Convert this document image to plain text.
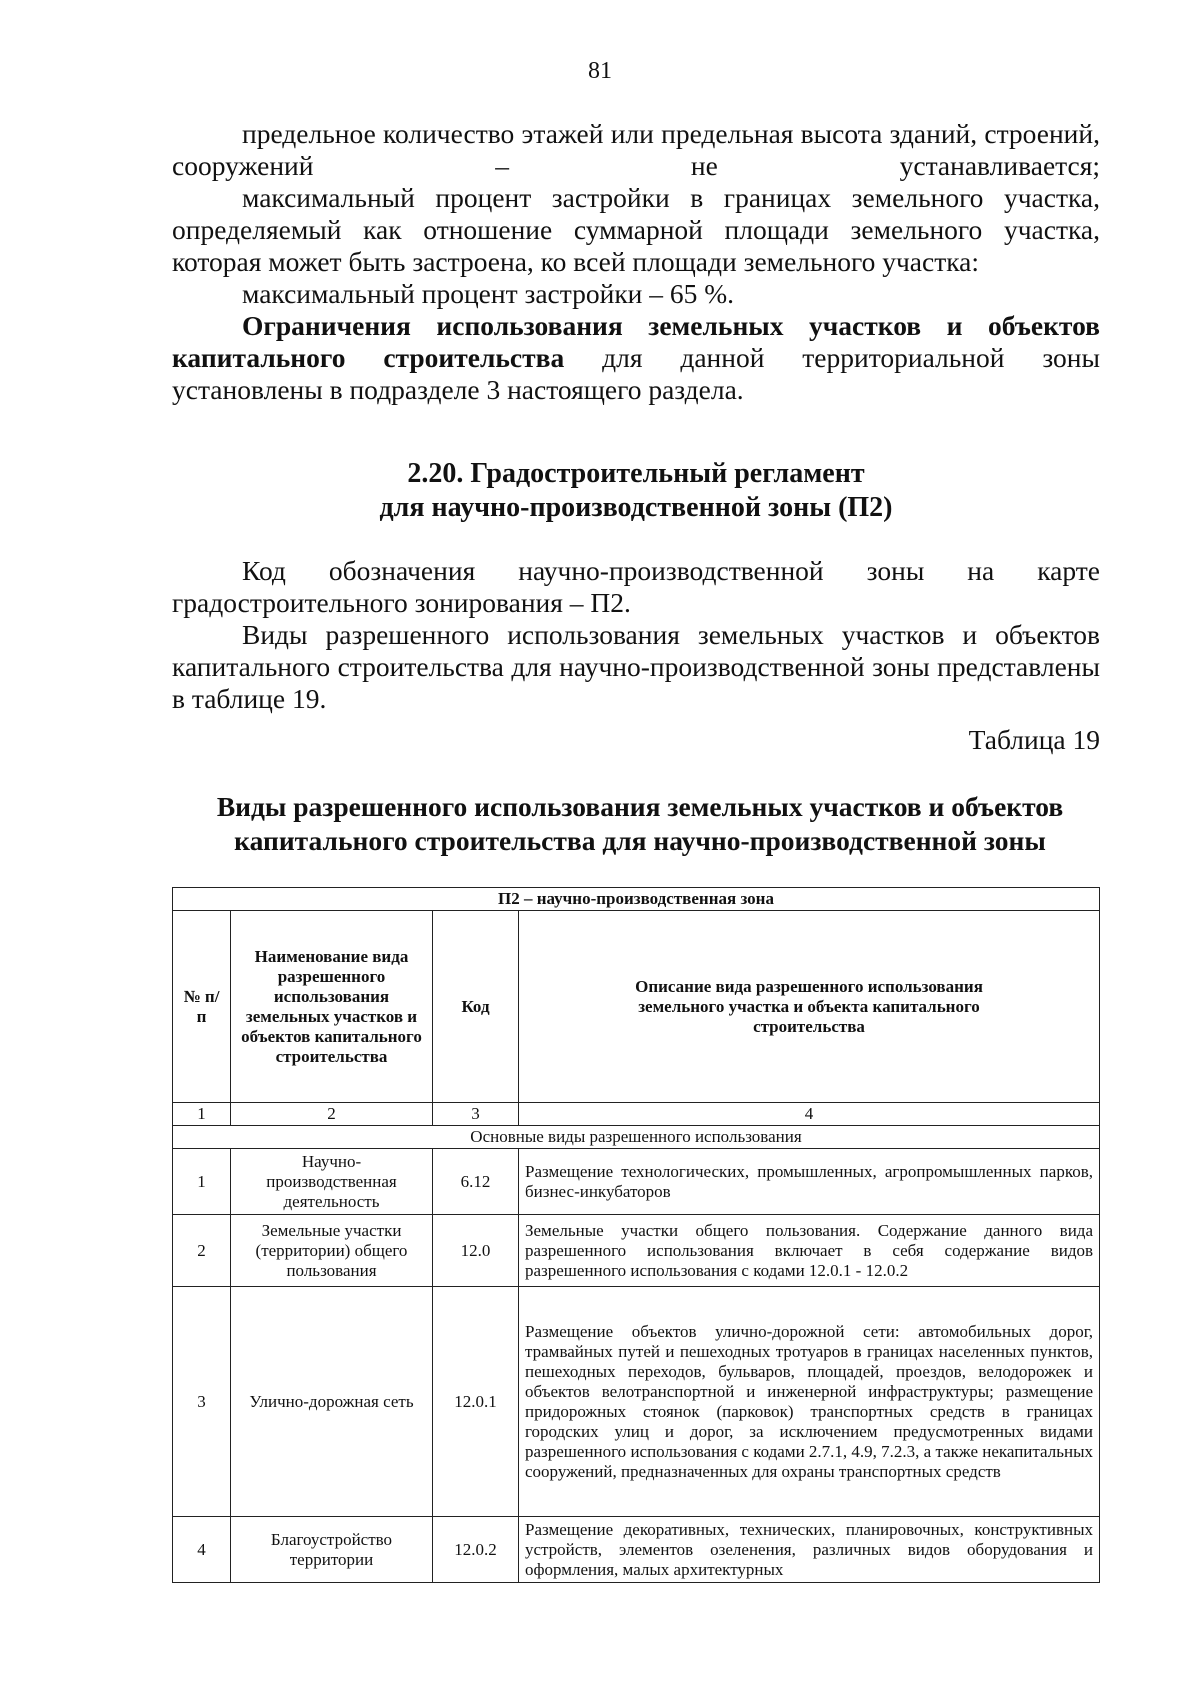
81

предельное количество этажей или предельная высота зданий, строений, сооружений – не устанавливается;

максимальный процент застройки в границах земельного участка, определяемый как отношение суммарной площади земельного участка, которая может быть застроена, ко всей площади земельного участка:

максимальный процент застройки – 65 %.

Ограничения использования земельных участков и объектов капитального строительства для данной территориальной зоны установлены в подразделе 3 настоящего раздела.

2.20. Градостроительный регламент
для научно-производственной зоны (П2)

Код обозначения научно-производственной зоны на карте градостроительного зонирования – П2.

Виды разрешенного использования земельных участков и объектов капитального строительства для научно-производственной зоны представлены в таблице 19.

Таблица 19
Виды разрешенного использования земельных участков и объектов
капитального строительства для научно-производственной зоны
П2 – научно-производственная зона			
№ п/п	Наименование вида разрешенного использования земельных участков и объектов капитального строительства	Код	Описание вида разрешенного использования земельного участка и объекта капитального строительства
1	2	3	4
Основные виды разрешенного использования			
1	Научно-производственная деятельность	6.12	Размещение технологических, промышленных, агропромышленных парков, бизнес-инкубаторов
2	Земельные участки (территории) общего пользования	12.0	Земельные участки общего пользования. Содержание данного вида разрешенного использования включает в себя содержание видов разрешенного использования с кодами 12.0.1 - 12.0.2
3	Улично-дорожная сеть	12.0.1	Размещение объектов улично-дорожной сети: автомобильных дорог, трамвайных путей и пешеходных тротуаров в границах населенных пунктов, пешеходных переходов, бульваров, площадей, проездов, велодорожек и объектов велотранспортной и инженерной инфраструктуры; размещение придорожных стоянок (парковок) транспортных средств в границах городских улиц и дорог, за исключением предусмотренных видами разрешенного использования с кодами 2.7.1, 4.9, 7.2.3, а также некапитальных сооружений, предназначенных для охраны транспортных средств
4	Благоустройство территории	12.0.2	Размещение декоративных, технических, планировочных, конструктивных устройств, элементов озеленения, различных видов оборудования и оформления, малых архитектурных
